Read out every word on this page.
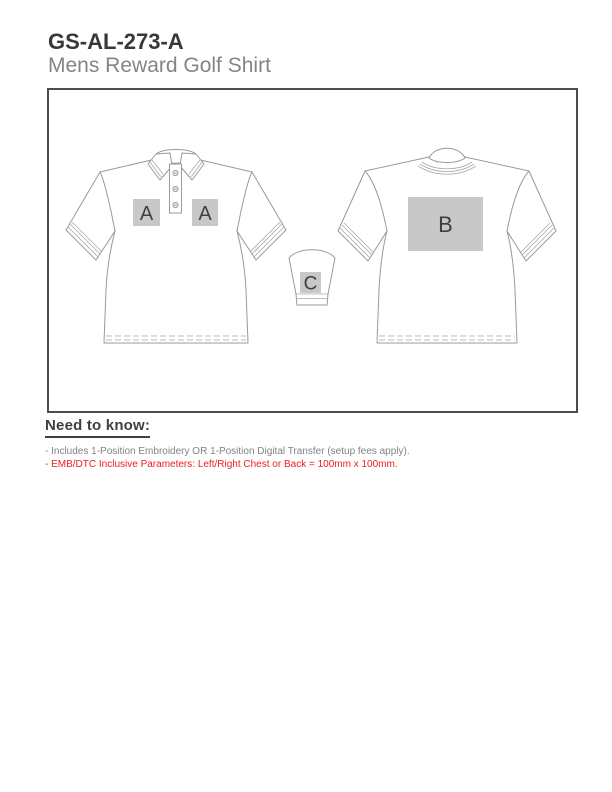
GS-AL-273-A
Mens Reward Golf Shirt
A A
C
B
Need to know:
- Includes 1-Position Embroidery OR 1-Position Digital Transfer (setup fees apply).
- EMB/DTC Inclusive Parameters: Left/Right Chest or Back = 100mm x 100mm.
